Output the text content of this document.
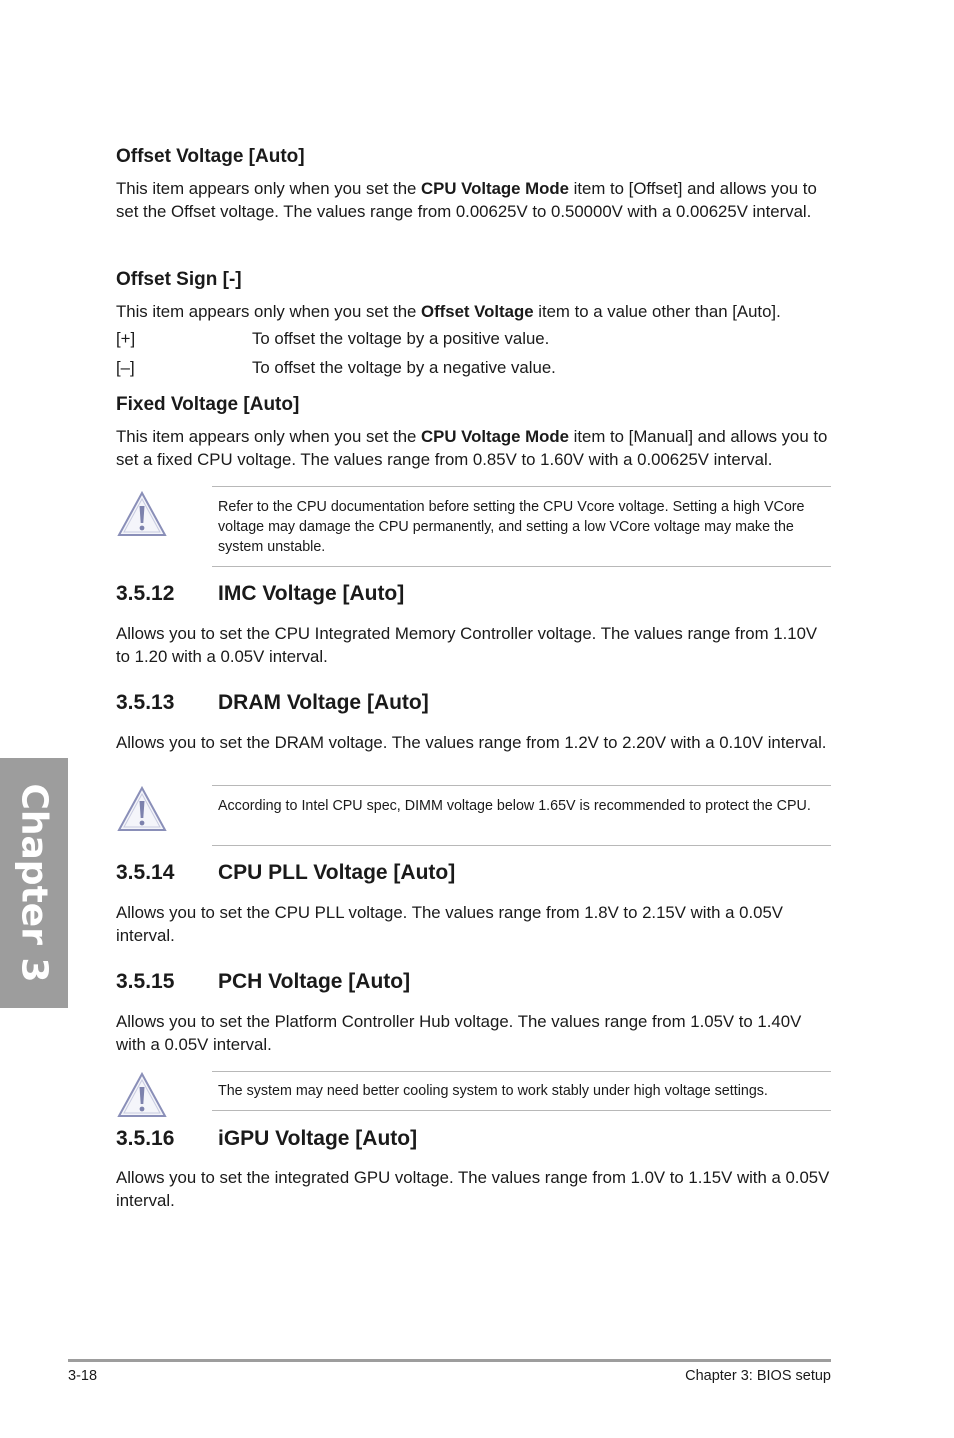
Offset Voltage [Auto]
This item appears only when you set the CPU Voltage Mode item to [Offset] and allows you to set the Offset voltage. The values range from 0.00625V to 0.50000V with a 0.00625V interval.
Offset Sign [-]
This item appears only when you set the Offset Voltage item to a value other than [Auto].
[+]	To offset the voltage by a positive value.
[–]	To offset the voltage by a negative value.
Fixed Voltage [Auto]
This item appears only when you set the CPU Voltage Mode item to [Manual] and allows you to set a fixed CPU voltage. The values range from 0.85V to 1.60V with a 0.00625V interval.
Refer to the CPU documentation before setting the CPU Vcore voltage. Setting a high VCore voltage may damage the CPU permanently, and setting a low VCore voltage may make the system unstable.
3.5.12 IMC Voltage [Auto]
Allows you to set the CPU Integrated Memory Controller voltage. The values range from 1.10V to 1.20 with a 0.05V interval.
3.5.13 DRAM Voltage [Auto]
Allows you to set the DRAM voltage. The values range from 1.2V to 2.20V with a 0.10V interval.
According to Intel CPU spec, DIMM voltage below 1.65V is recommended to protect the CPU.
3.5.14 CPU PLL Voltage [Auto]
Allows you to set the CPU PLL voltage. The values range from 1.8V to 2.15V with a 0.05V interval.
3.5.15 PCH Voltage [Auto]
Allows you to set the Platform Controller Hub voltage. The values range from 1.05V to 1.40V with a 0.05V interval.
The system may need better cooling system to work stably under high voltage settings.
3.5.16 iGPU Voltage [Auto]
Allows you to set the integrated GPU voltage. The values range from 1.0V to 1.15V with a 0.05V interval.
Chapter 3
3-18	Chapter 3: BIOS setup
